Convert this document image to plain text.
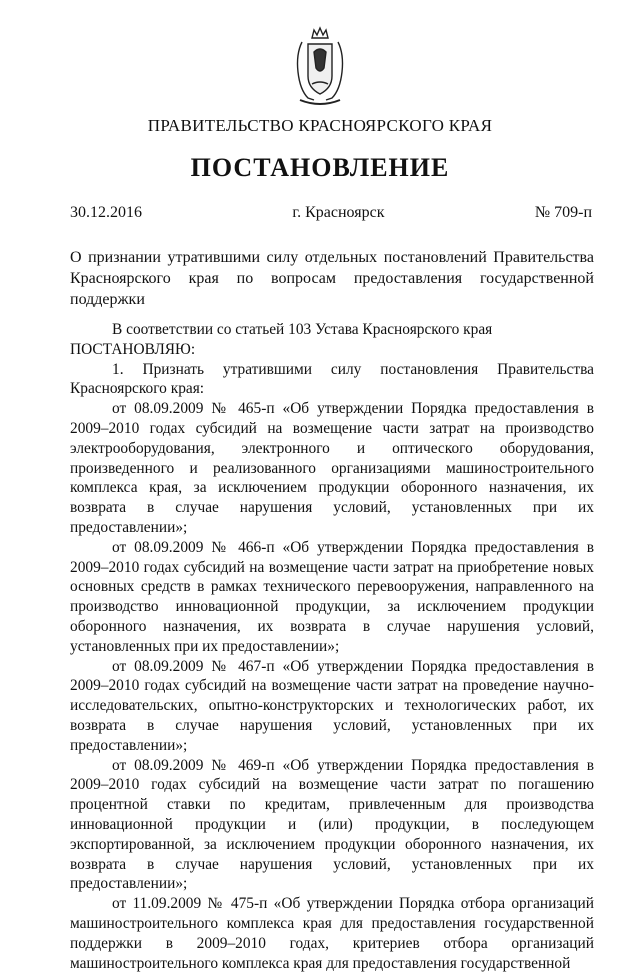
ПРАВИТЕЛЬСТВО КРАСНОЯРСКОГО КРАЯ
ПОСТАНОВЛЕНИЕ
30.12.2016	г. Красноярск	№ 709-п
О признании утратившими силу отдельных постановлений Правительства Красноярского края по вопросам предоставления государственной поддержки

В соответствии со статьей 103 Устава Красноярского края

ПОСТАНОВЛЯЮ:

1. Признать утратившими силу постановления Правительства Красноярского края:

от 08.09.2009 № 465-п «Об утверждении Порядка предоставления в 2009–2010 годах субсидий на возмещение части затрат на производство электрооборудования, электронного и оптического оборудования, произведенного и реализованного организациями машиностроительного комплекса края, за исключением продукции оборонного назначения, их возврата в случае нарушения условий, установленных при их предоставлении»;

от 08.09.2009 № 466-п «Об утверждении Порядка предоставления в 2009–2010 годах субсидий на возмещение части затрат на приобретение новых основных средств в рамках технического перевооружения, направленного на производство инновационной продукции, за исключением продукции оборонного назначения, их возврата в случае нарушения условий, установленных при их предоставлении»;

от 08.09.2009 № 467-п «Об утверждении Порядка предоставления в 2009–2010 годах субсидий на возмещение части затрат на проведение научно-исследовательских, опытно-конструкторских и технологических работ, их возврата в случае нарушения условий, установленных при их предоставлении»;

от 08.09.2009 № 469-п «Об утверждении Порядка предоставления в 2009–2010 годах субсидий на возмещение части затрат по погашению процентной ставки по кредитам, привлеченным для производства инновационной продукции и (или) продукции, в последующем экспортированной, за исключением продукции оборонного назначения, их возврата в случае нарушения условий, установленных при их предоставлении»;

от 11.09.2009 № 475-п «Об утверждении Порядка отбора организаций машиностроительного комплекса края для предоставления государственной поддержки в 2009–2010 годах, критериев отбора организаций машиностроительного комплекса края для предоставления государственной
